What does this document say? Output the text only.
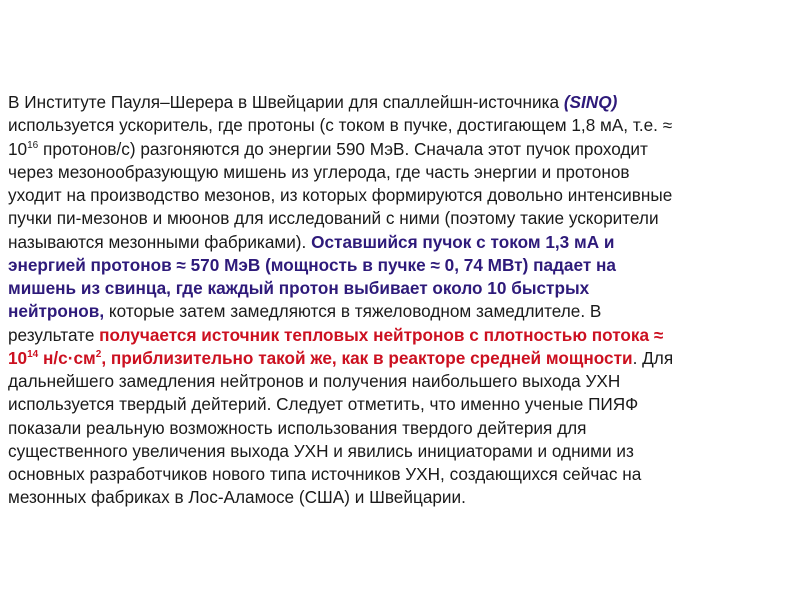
В Институте Пауля–Шерера в Швейцарии для спаллейшн-источника (SINQ)
используется ускоритель, где протоны (с током в пучке, достигающем 1,8 мА, т.е. ≈
$10^{16}$ протонов/с) разгоняются до энергии 590 МэВ. Сначала этот пучок проходит
через мезонообразующую мишень из углерода, где часть энергии и протонов
уходит на производство мезонов, из которых формируются довольно интенсивные
пучки пи-мезонов и мюонов для исследований с ними (поэтому такие ускорители
называются мезонными фабриками). Оставшийся пучок с током 1,3 мА и
энергией протонов ≈ 570 МэВ (мощность в пучке ≈ 0, 74 МВт) падает на
мишень из свинца, где каждый протон выбивает около 10 быстрых
нейтронов, которые затем замедляются в тяжеловодном замедлителе. В
результате получается источник тепловых нейтронов с плотностью потока ≈
$10^{14}$ $н/с\cdot см^2$, приблизительно такой же, как в реакторе средней мощности. Для
дальнейшего замедления нейтронов и получения наибольшего выхода УХН
используется твердый дейтерий. Следует отметить, что именно ученые ПИЯФ
показали реальную возможность использования твердого дейтерия для
существенного увеличения выхода УХН и явились инициаторами и одними из
основных разработчиков нового типа источников УХН, создающихся сейчас на
мезонных фабриках в Лос-Аламосе (США) и Швейцарии.
